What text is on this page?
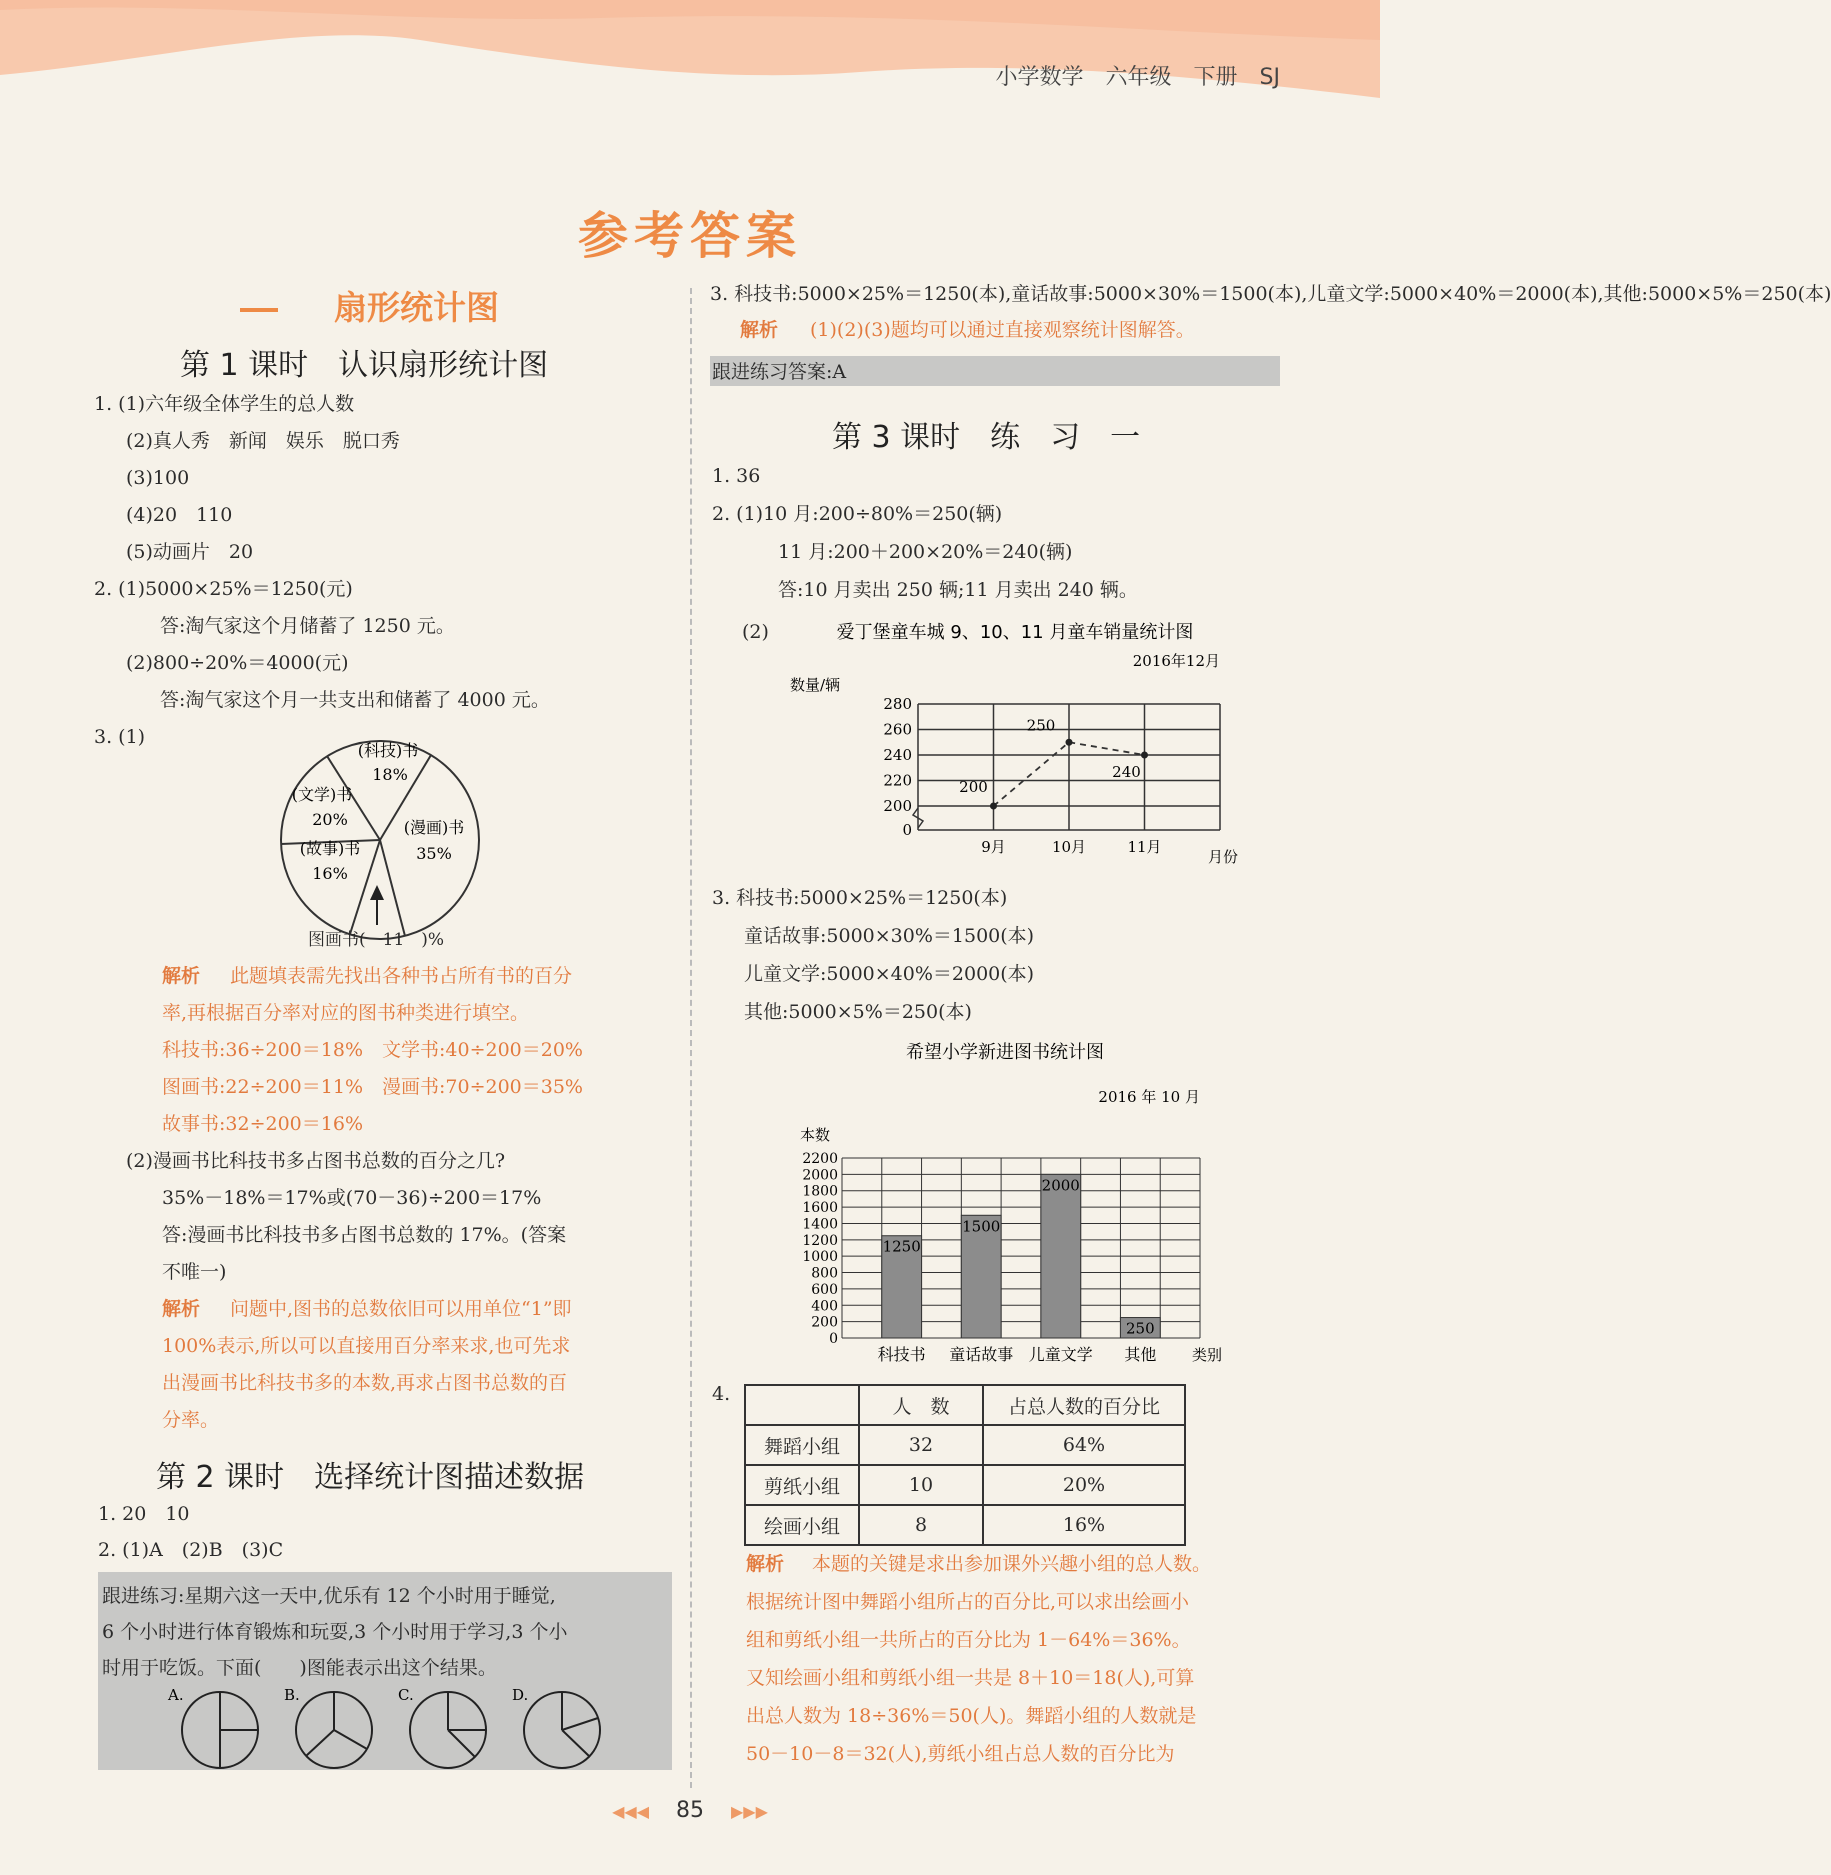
小学数学　六年级　下册　SJ
参考答案
扇形统计图
第 1 课时　认识扇形统计图
1. (1)六年级全体学生的总人数
(2)真人秀　新闻　娱乐　脱口秀
(3)100
(4)20　110
(5)动画片　20
2. (1)5000×25%＝1250(元)
答:淘气家这个月储蓄了 1250 元。
(2)800÷20%＝4000(元)
答:淘气家这个月一共支出和储蓄了 4000 元。
3. (1)
(科技)书
18%
(文学)书
20%	(漫画)书
35%
(故事)书
16%
图画书(　11　)%
解析 此题填表需先找出各种书占所有书的百分
率,再根据百分率对应的图书种类进行填空。
科技书:36÷200＝18%　文学书:40÷200＝20%
图画书:22÷200＝11%　漫画书:70÷200＝35%
故事书:32÷200＝16%
(2)漫画书比科技书多占图书总数的百分之几?
35%－18%＝17%或(70－36)÷200＝17%
答:漫画书比科技书多占图书总数的 17%。(答案
不唯一)
解析 问题中,图书的总数依旧可以用单位“1”即
100%表示,所以可以直接用百分率来求,也可先求
出漫画书比科技书多的本数,再求占图书总数的百
分率。
第 2 课时　选择统计图描述数据
1. 20　10
2. (1)A　(2)B　(3)C
跟进练习:星期六这一天中,优乐有 12 个小时用于睡觉,
6 个小时进行体育锻炼和玩耍,3 个小时用于学习,3 个小
时用于吃饭。下面(　　)图能表示出这个结果。
A.	B.	C.	D.
3. 科技书:5000×25%＝1250(本),童话故事:5000×30%＝1500(本),儿童文学:5000×40%＝2000(本),其他:5000×5%＝250(本)
解析 (1)(2)(3)题均可以通过直接观察统计图解答。
跟进练习答案:A
第 3 课时　练　习　一
1. 36
2. (1)10 月:200÷80%＝250(辆)
11 月:200＋200×20%＝240(辆)
答:10 月卖出 250 辆;11 月卖出 240 辆。
(2)	爱丁堡童车城 9、10、11 月童车销量统计图
2016年12月
数量/辆
月份
280
260
240
220
200
0
9月	10月	11月
200
250
240
3. 科技书:5000×25%＝1250(本)
童话故事:5000×30%＝1500(本)
儿童文学:5000×40%＝2000(本)
其他:5000×5%＝250(本)
希望小学新进图书统计图
2016 年 10 月
本数
类别
2200
2000
1800
1600
1400
1200
1000
800
600
400
200
0
1250
科技书
1500
童话故事
2000
儿童文学
250
其他
4.
	人　数	占总人数的百分比
舞蹈小组	32	64%
剪纸小组	10	20%
绘画小组	8	16%
解析 本题的关键是求出参加课外兴趣小组的总人数。
根据统计图中舞蹈小组所占的百分比,可以求出绘画小
组和剪纸小组一共所占的百分比为 1－64%＝36%。
又知绘画小组和剪纸小组一共是 8＋10＝18(人),可算
出总人数为 18÷36%＝50(人)。舞蹈小组的人数就是
50－10－8＝32(人),剪纸小组占总人数的百分比为
◀◀◀ 85 ▶▶▶
